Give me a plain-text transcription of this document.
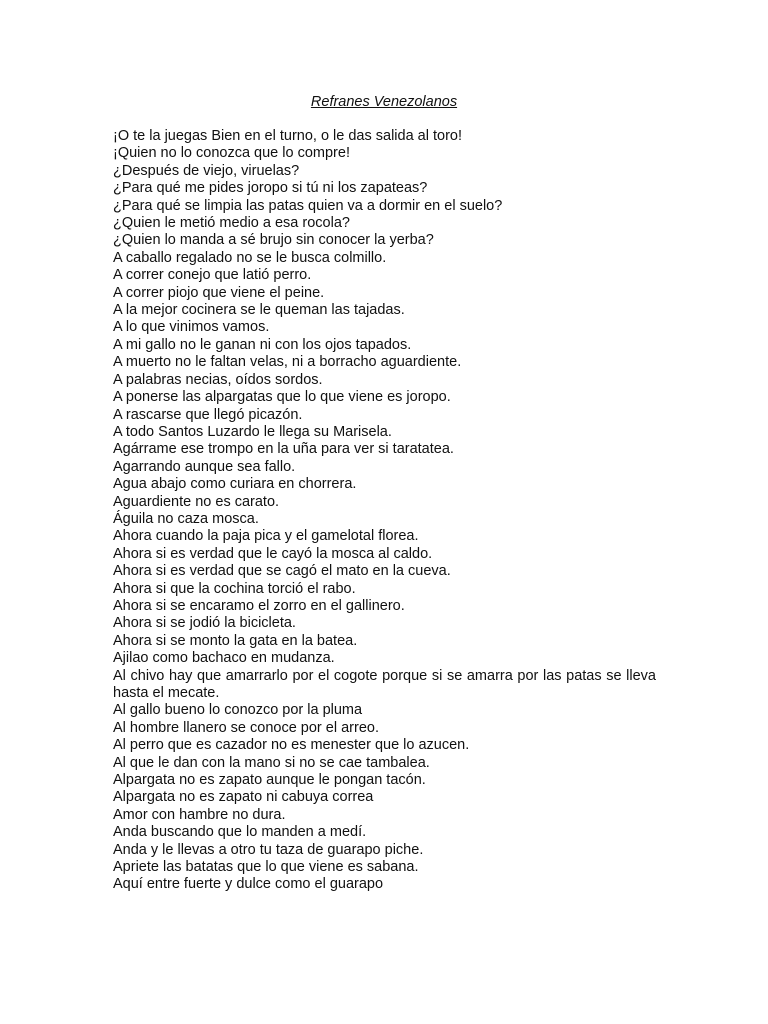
Refranes Venezolanos
¡O te la juegas Bien en el turno, o le das salida al toro!
¡Quien no lo conozca que lo compre!
¿Después de viejo, viruelas?
¿Para qué me pides joropo si tú ni los zapateas?
¿Para qué se limpia las patas quien va a dormir en el suelo?
¿Quien le metió medio a esa rocola?
¿Quien lo manda a sé brujo sin conocer la yerba?
A caballo regalado no se le busca colmillo.
A correr conejo que latió perro.
A correr piojo que viene el peine.
A la mejor cocinera se le queman las tajadas.
A lo que vinimos vamos.
A mi gallo no le ganan ni con los ojos tapados.
A muerto no le faltan velas, ni a borracho aguardiente.
A palabras necias, oídos sordos.
A ponerse las alpargatas que lo que viene es joropo.
A rascarse que llegó picazón.
A todo Santos Luzardo le llega su Marisela.
Agárrame ese trompo en la uña para ver si taratatea.
Agarrando aunque sea fallo.
Agua abajo como curiara en chorrera.
Aguardiente no es carato.
Águila no caza mosca.
Ahora cuando la paja pica y el gamelotal florea.
Ahora si es verdad que le cayó la mosca al caldo.
Ahora si es verdad que se cagó el mato en la cueva.
Ahora si que la cochina torció el rabo.
Ahora si se encaramo el zorro en el gallinero.
Ahora si se jodió la bicicleta.
Ahora si se monto la gata en la batea.
Ajilao como bachaco en mudanza.
Al chivo hay que amarrarlo por el cogote porque si se amarra por las patas se lleva hasta el mecate.
Al gallo bueno lo conozco por la pluma
Al hombre llanero se conoce por el arreo.
Al perro que es cazador no es menester que lo azucen.
Al que le dan con la mano si no se cae tambalea.
Alpargata no es zapato aunque le pongan tacón.
Alpargata no es zapato ni cabuya correa
Amor con hambre no dura.
Anda buscando que lo manden a medí.
Anda y le llevas a otro tu taza de guarapo piche.
Apriete las batatas que lo que viene es sabana.
Aquí entre fuerte y dulce como el guarapo
